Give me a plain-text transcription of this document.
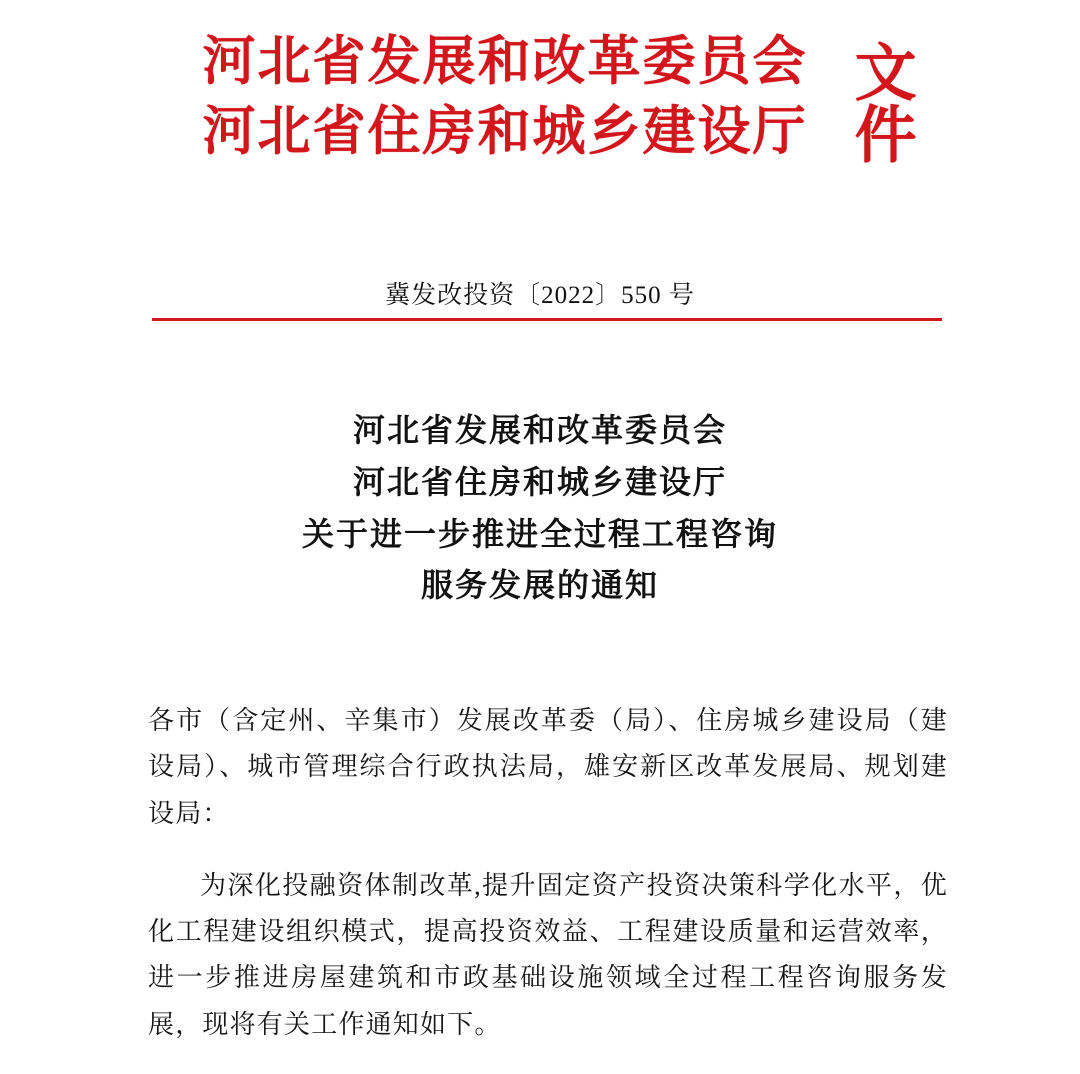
河北省发展和改革委员会
河北省住房和城乡建设厅 文件
冀发改投资〔2022〕550 号
河北省发展和改革委员会
河北省住房和城乡建设厅
关于进一步推进全过程工程咨询
服务发展的通知

各市（含定州、辛集市）发展改革委（局）、住房城乡建设局（建设局）、城市管理综合行政执法局，雄安新区改革发展局、规划建设局：

为深化投融资体制改革,提升固定资产投资决策科学化水平，优化工程建设组织模式，提高投资效益、工程建设质量和运营效率，进一步推进房屋建筑和市政基础设施领域全过程工程咨询服务发展，现将有关工作通知如下。
